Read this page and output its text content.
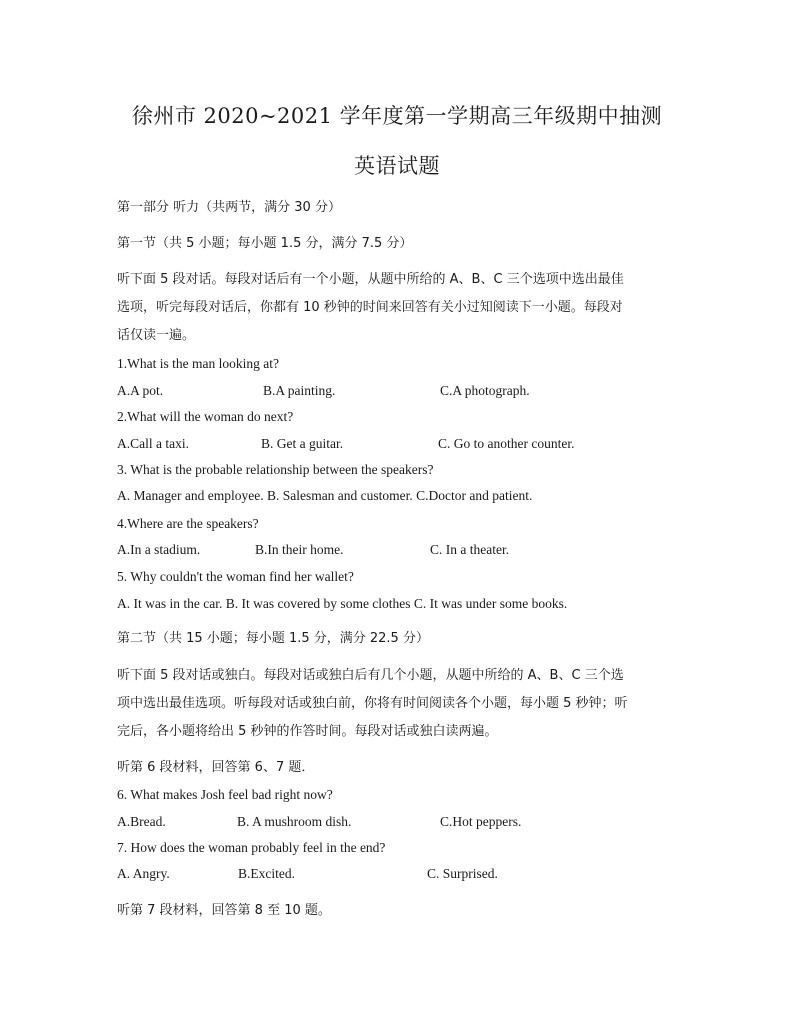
徐州市 2020~2021 学年度第一学期高三年级期中抽测
英语试题
第一部分 听力（共两节，满分 30 分）
第一节（共 5 小题；每小题 1.5 分，满分 7.5 分）
听下面 5 段对话。每段对话后有一个小题，从题中所给的 A、B、C 三个选项中选出最佳
选项，听完每段对话后，你都有 10 秒钟的时间来回答有关小过知阅读下一小题。每段对
话仅读一遍。
1.What is the man looking at?
A.A pot.	B.A painting.	C.A photograph.
2.What will the woman do next?
A.Call a taxi.	B. Get a guitar.	C. Go to another counter.
3. What is the probable relationship between the speakers?
A. Manager and employee. B. Salesman and customer. C.Doctor and patient.
4.Where are the speakers?
A.In a stadium.	B.In their home.	C. In a theater.
5. Why couldn't the woman find her wallet?
A. It was in the car. B. It was covered by some clothes C. It was under some books.
第二节（共 15 小题；每小题 1.5 分，满分 22.5 分）
听下面 5 段对话或独白。每段对话或独白后有几个小题，从题中所给的 A、B、C 三个选
项中选出最佳选项。听每段对话或独白前，你将有时间阅读各个小题，每小题 5 秒钟；听
完后，各小题将给出 5 秒钟的作答时间。每段对话或独白读两遍。
听第 6 段材料，回答第 6、7 题．
6. What makes Josh feel bad right now?
A.Bread.	B. A mushroom dish.	C.Hot peppers.
7. How does the woman probably feel in the end?
A. Angry.	B.Excited.	C. Surprised.
听第 7 段材料，回答第 8 至 10 题。
